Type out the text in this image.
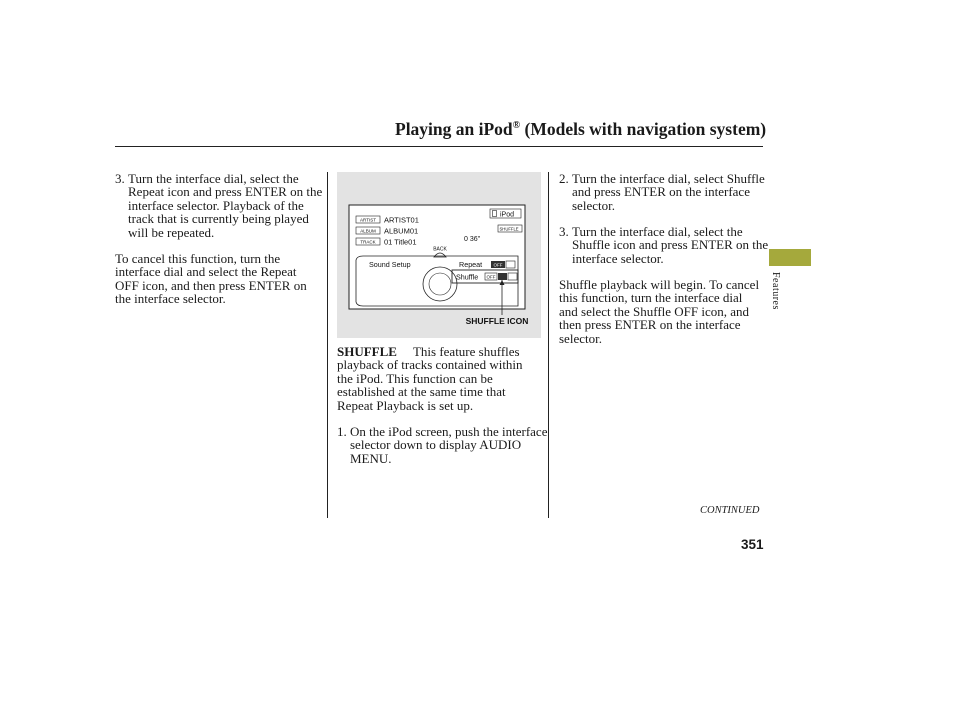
Playing an iPod® (Models with navigation system)
3. Turn the interface dial, select the Repeat icon and press ENTER on the interface selector. Playback of the track that is currently being played will be repeated.
To cancel this function, turn the interface dial and select the Repeat OFF icon, and then press ENTER on the interface selector.
ARTIST ARTIST01
ALBUM ALBUM01
TRACK 01 Title01
iPod
SHUFFLE
0 36"
BACK
Sound Setup	Repeat	OFF
Shuffle OFF
SHUFFLE ICON
SHUFFLE This feature shuffles playback of tracks contained within the iPod. This function can be established at the same time that Repeat Playback is set up.
1. On the iPod screen, push the interface selector down to display AUDIO MENU.
2. Turn the interface dial, select Shuffle and press ENTER on the interface selector.
3. Turn the interface dial, select the Shuffle icon and press ENTER on the interface selector.
Shuffle playback will begin. To cancel this function, turn the interface dial and select the Shuffle OFF icon, and then press ENTER on the interface selector.
Features
CONTINUED
351
